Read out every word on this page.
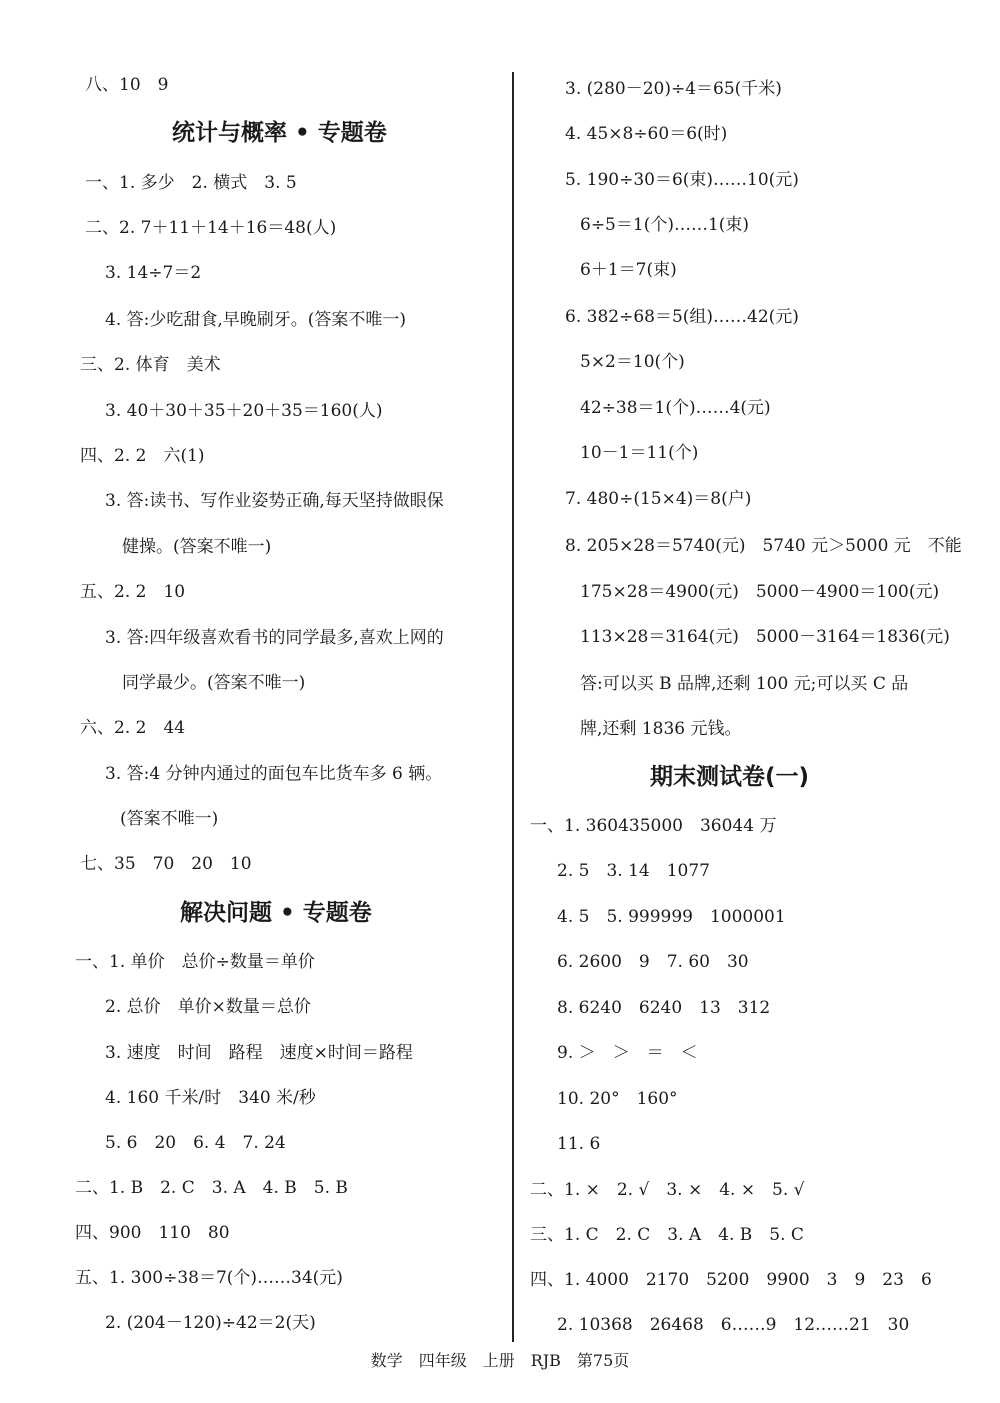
八、10　9
统计与概率 • 专题卷
一、1. 多少　2. 横式　3. 5
二、2. 7＋11＋14＋16＝48(人)
3. 14÷7＝2
4. 答:少吃甜食,早晚刷牙。(答案不唯一)
三、2. 体育　美术
3. 40＋30＋35＋20＋35＝160(人)
四、2. 2　六(1)
3. 答:读书、写作业姿势正确,每天坚持做眼保
健操。(答案不唯一)
五、2. 2　10
3. 答:四年级喜欢看书的同学最多,喜欢上网的
同学最少。(答案不唯一)
六、2. 2　44
3. 答:4 分钟内通过的面包车比货车多 6 辆。
(答案不唯一)
七、35　70　20　10
解决问题 • 专题卷
一、1. 单价　总价÷数量＝单价
2. 总价　单价×数量＝总价
3. 速度　时间　路程　速度×时间＝路程
4. 160 千米/时　340 米/秒
5. 6　20　6. 4　7. 24
二、1. B　2. C　3. A　4. B　5. B
四、900　110　80
五、1. 300÷38＝7(个)……34(元)
2. (204－120)÷42＝2(天)
3. (280－20)÷4＝65(千米)
4. 45×8÷60＝6(时)
5. 190÷30＝6(束)……10(元)
6÷5＝1(个)……1(束)
6＋1＝7(束)
6. 382÷68＝5(组)……42(元)
5×2＝10(个)
42÷38＝1(个)……4(元)
10－1＝11(个)
7. 480÷(15×4)＝8(户)
8. 205×28＝5740(元)　5740 元＞5000 元　不能
175×28＝4900(元)　5000－4900＝100(元)
113×28＝3164(元)　5000－3164＝1836(元)
答:可以买 B 品牌,还剩 100 元;可以买 C 品
牌,还剩 1836 元钱。
期末测试卷(一)
一、1. 360435000　36044 万
2. 5　3. 14　1077
4. 5　5. 999999　1000001
6. 2600　9　7. 60　30
8. 6240　6240　13　312
9. ＞　＞　＝　＜
10. 20°　160°
11. 6
二、1. ×　2. √　3. ×　4. ×　5. √
三、1. C　2. C　3. A　4. B　5. C
四、1. 4000　2170　5200　9900　3　9　23　6
2. 10368　26468　6……9　12……21　30
数学　四年级　上册　RJB　第75页
